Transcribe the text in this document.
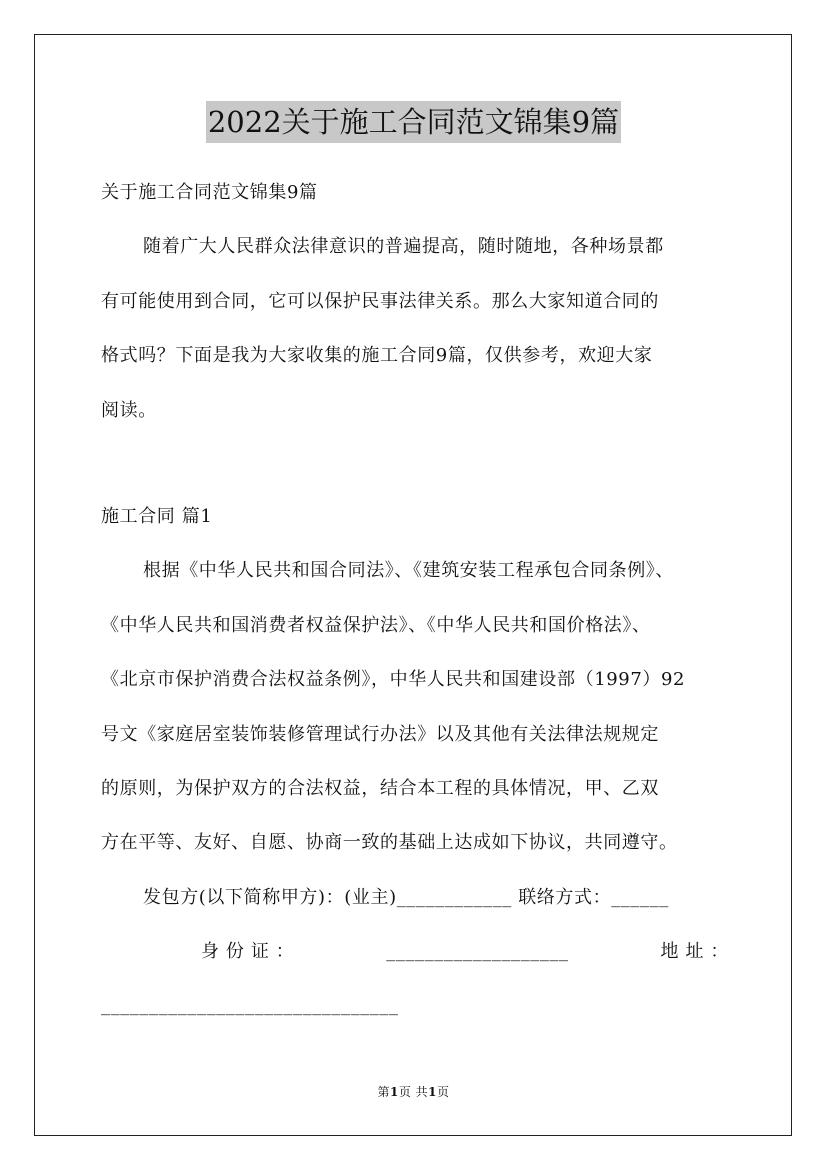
2022关于施工合同范文锦集9篇
关于施工合同范文锦集9篇
随着广大人民群众法律意识的普遍提高，随时随地，各种场景都
有可能使用到合同，它可以保护民事法律关系。那么大家知道合同的
格式吗？下面是我为大家收集的施工合同9篇，仅供参考，欢迎大家
阅读。
施工合同 篇1
根据《中华人民共和国合同法》、《建筑安装工程承包合同条例》、
《中华人民共和国消费者权益保护法》、《中华人民共和国价格法》、
《北京市保护消费合法权益条例》，中华人民共和国建设部（1997）92
号文《家庭居室装饰装修管理试行办法》以及其他有关法律法规规定
的原则，为保护双方的合法权益，结合本工程的具体情况，甲、乙双
方在平等、友好、自愿、协商一致的基础上达成如下协议，共同遵守。
发包方(以下简称甲方)：(业主)____________ 联络方式：______
身 份 证 ：	___________________	地 址 ：
_______________________________
第1页 共1页
